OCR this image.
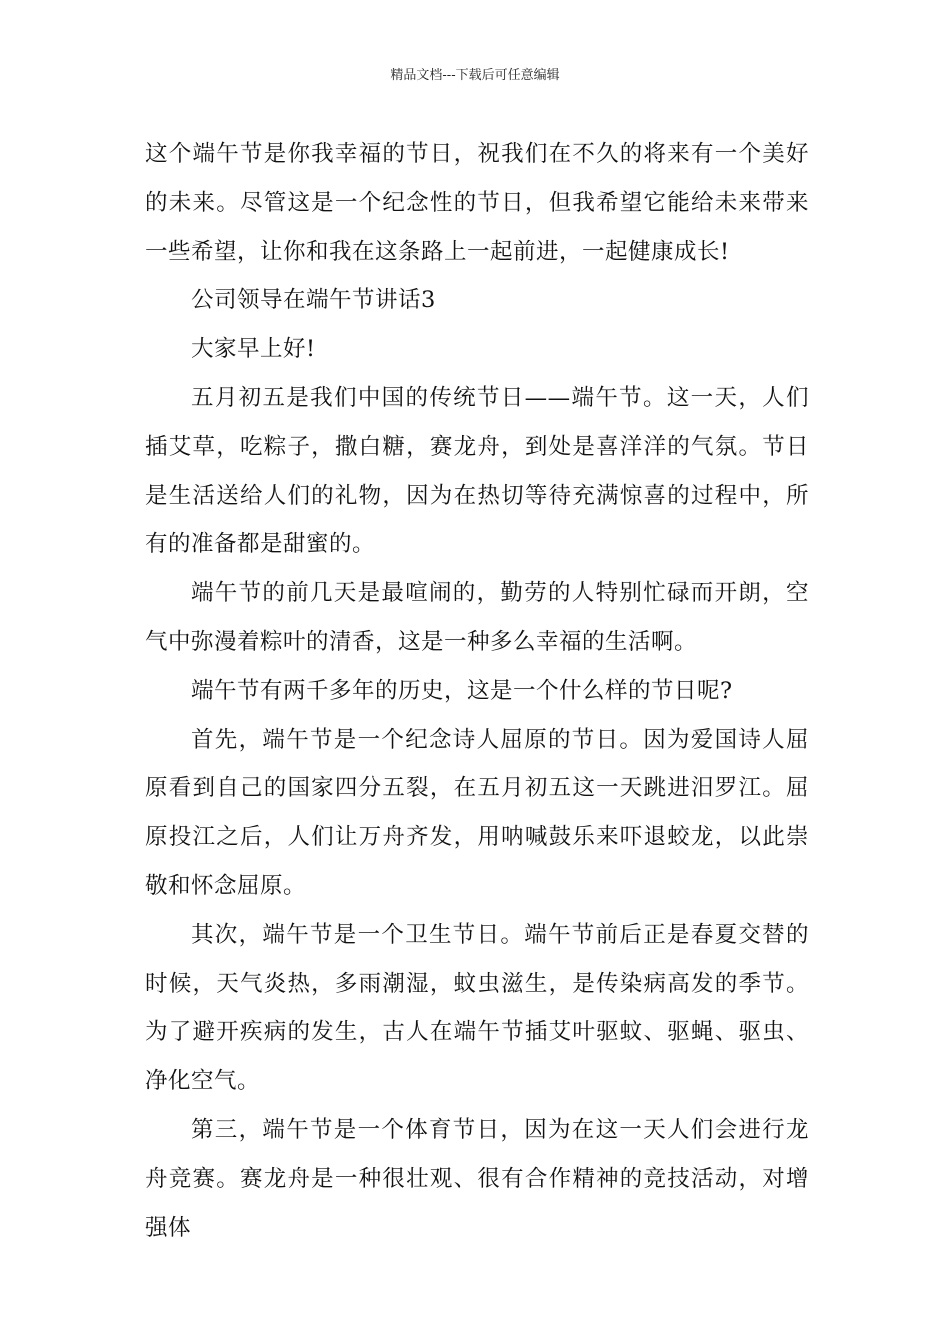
精品文档---下载后可任意编辑

这个端午节是你我幸福的节日，祝我们在不久的将来有一个美好的未来。尽管这是一个纪念性的节日，但我希望它能给未来带来一些希望，让你和我在这条路上一起前进，一起健康成长!

公司领导在端午节讲话3

大家早上好!

五月初五是我们中国的传统节日——端午节。这一天，人们插艾草，吃粽子，撒白糖，赛龙舟，到处是喜洋洋的气氛。节日是生活送给人们的礼物，因为在热切等待充满惊喜的过程中，所有的准备都是甜蜜的。

端午节的前几天是最喧闹的，勤劳的人特别忙碌而开朗，空气中弥漫着粽叶的清香，这是一种多么幸福的生活啊。

端午节有两千多年的历史，这是一个什么样的节日呢?

首先，端午节是一个纪念诗人屈原的节日。因为爱国诗人屈原看到自己的国家四分五裂，在五月初五这一天跳进汨罗江。屈原投江之后，人们让万舟齐发，用呐喊鼓乐来吓退蛟龙，以此崇敬和怀念屈原。

其次，端午节是一个卫生节日。端午节前后正是春夏交替的时候，天气炎热，多雨潮湿，蚊虫滋生，是传染病高发的季节。为了避开疾病的发生，古人在端午节插艾叶驱蚊、驱蝇、驱虫、净化空气。

第三，端午节是一个体育节日，因为在这一天人们会进行龙舟竞赛。赛龙舟是一种很壮观、很有合作精神的竞技活动，对增强体
